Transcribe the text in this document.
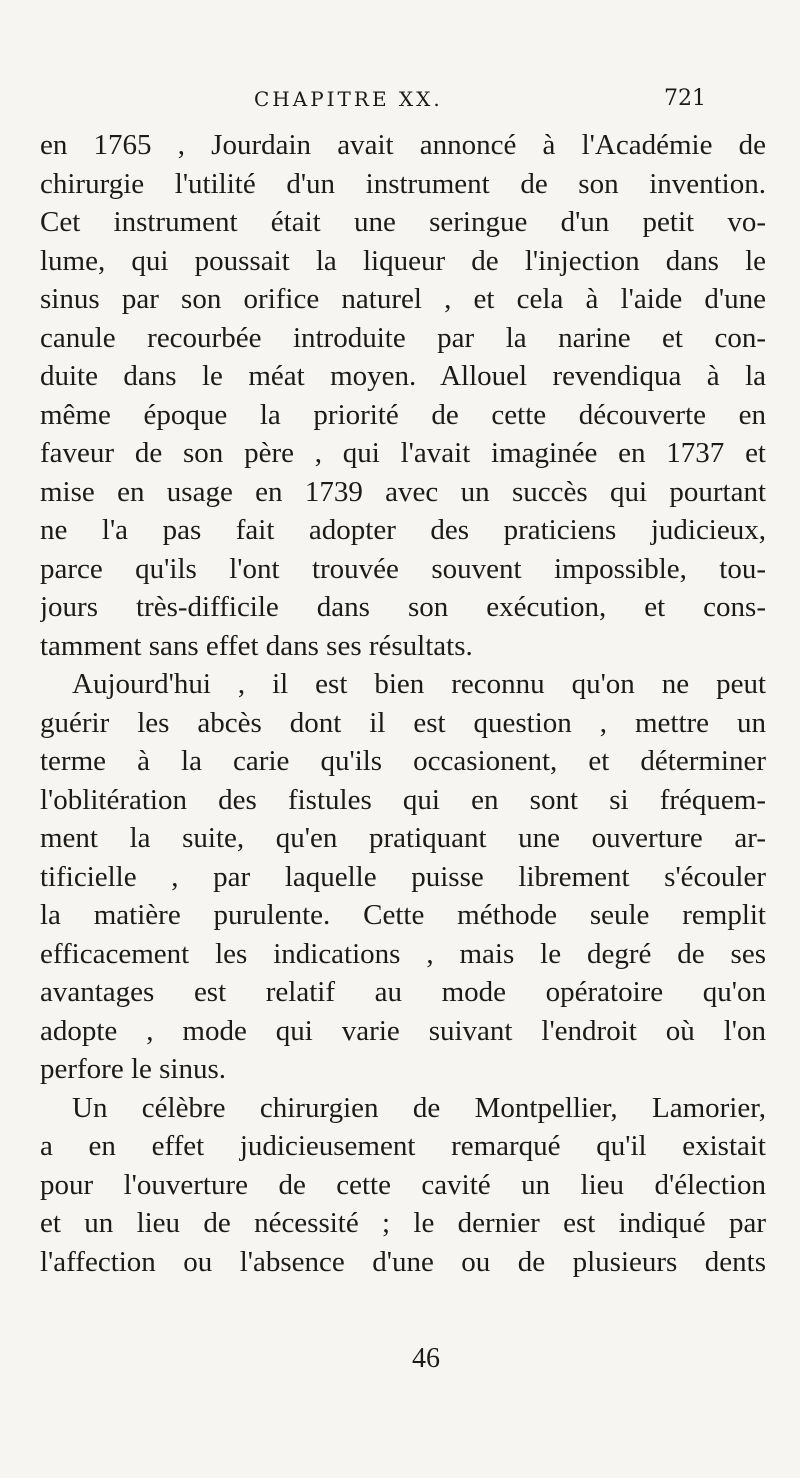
CHAPITRE XX.	721
en 1765 , Jourdain avait annoncé à l'Académie de
chirurgie l'utilité d'un instrument de son invention.
Cet instrument était une seringue d'un petit vo-
lume, qui poussait la liqueur de l'injection dans le
sinus par son orifice naturel , et cela à l'aide d'une
canule recourbée introduite par la narine et con-
duite dans le méat moyen. Allouel revendiqua à la
même époque la priorité de cette découverte en
faveur de son père , qui l'avait imaginée en 1737 et
mise en usage en 1739 avec un succès qui pourtant
ne l'a pas fait adopter des praticiens judicieux,
parce qu'ils l'ont trouvée souvent impossible, tou-
jours très-difficile dans son exécution, et cons-
tamment sans effet dans ses résultats.
Aujourd'hui , il est bien reconnu qu'on ne peut
guérir les abcès dont il est question , mettre un
terme à la carie qu'ils occasionent, et déterminer
l'oblitération des fistules qui en sont si fréquem-
ment la suite, qu'en pratiquant une ouverture ar-
tificielle , par laquelle puisse librement s'écouler
la matière purulente. Cette méthode seule remplit
efficacement les indications , mais le degré de ses
avantages est relatif au mode opératoire qu'on
adopte , mode qui varie suivant l'endroit où l'on
perfore le sinus.
Un célèbre chirurgien de Montpellier, Lamorier,
a en effet judicieusement remarqué qu'il existait
pour l'ouverture de cette cavité un lieu d'élection
et un lieu de nécessité ; le dernier est indiqué par
l'affection ou l'absence d'une ou de plusieurs dents
46
